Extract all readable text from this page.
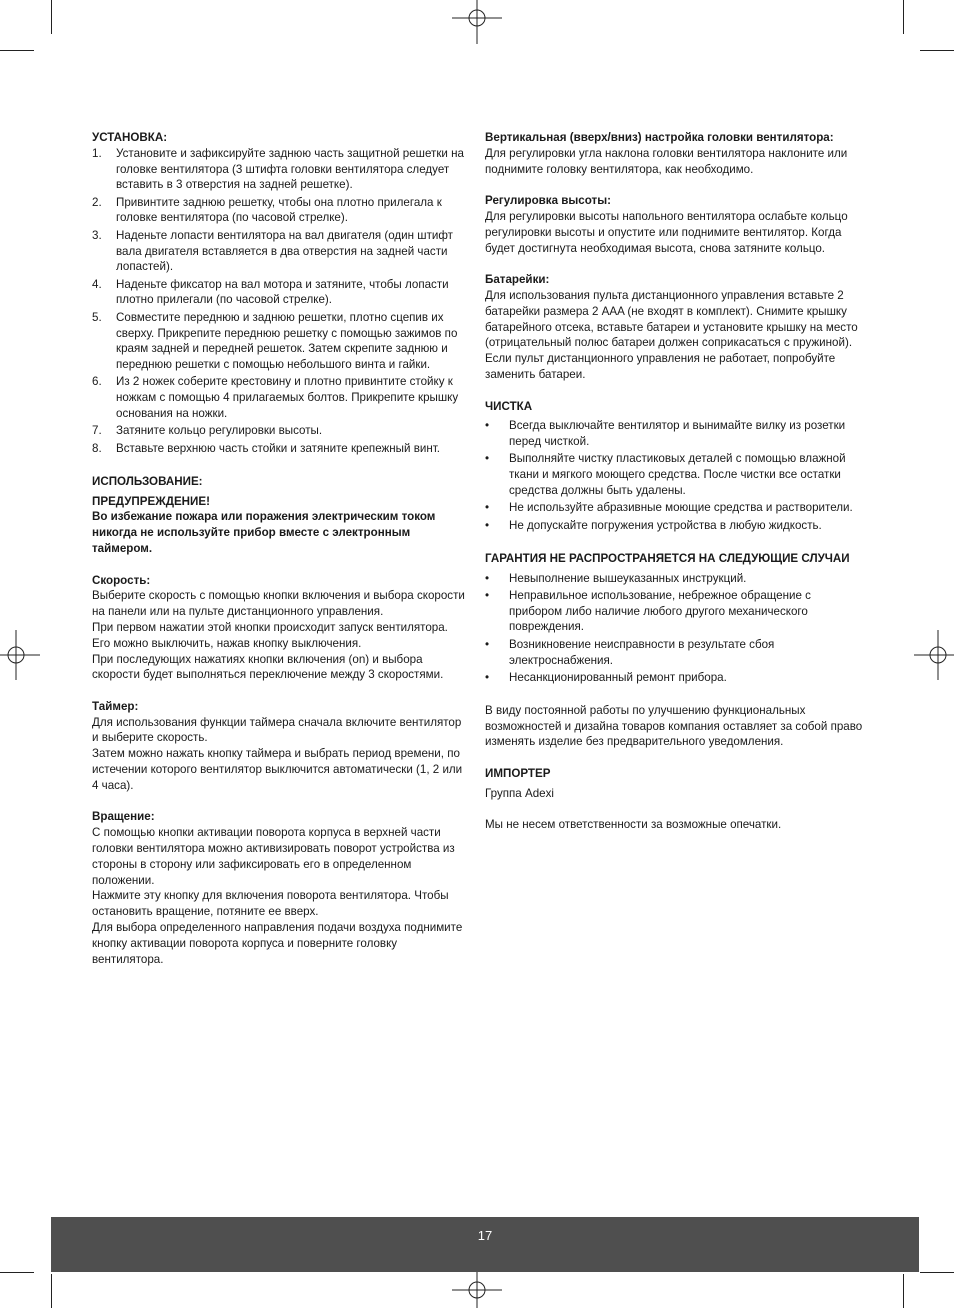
УСТАНОВКА:

1. Установите и зафиксируйте заднюю часть защитной решетки на головке вентилятора (3 штифта головки вентилятора следует вставить в 3 отверстия на задней решетке).
2. Привинтите заднюю решетку, чтобы она плотно прилегала к головке вентилятора (по часовой стрелке).
3. Наденьте лопасти вентилятора на вал двигателя (один штифт вала двигателя вставляется в два отверстия на задней части лопастей).
4. Наденьте фиксатор на вал мотора и затяните, чтобы лопасти плотно прилегали (по часовой стрелке).
5. Совместите переднюю и заднюю решетки, плотно сцепив их сверху. Прикрепите переднюю решетку с помощью зажимов по краям задней и передней решеток. Затем скрепите заднюю и переднюю решетки с помощью небольшого винта и гайки.
6. Из 2 ножек соберите крестовину и плотно привинтите стойку к ножкам с помощью 4 прилагаемых болтов. Прикрепите крышку основания на ножки.
7. Затяните кольцо регулировки высоты.
8. Вставьте верхнюю часть стойки и затяните крепежный винт.

ИСПОЛЬЗОВАНИЕ:

ПРЕДУПРЕЖДЕНИЕ!

Во избежание пожара или поражения электрическим током никогда не используйте прибор вместе с электронным таймером.

Скорость:

Выберите скорость с помощью кнопки включения и выбора скорости на панели или на пульте дистанционного управления.

При первом нажатии этой кнопки происходит запуск вентилятора.

Его можно выключить, нажав кнопку выключения.

При последующих нажатиях кнопки включения (on) и выбора скорости будет выполняться переключение между 3 скоростями.

Таймер:

Для использования функции таймера сначала включите вентилятор и выберите скорость.

Затем можно нажать кнопку таймера и выбрать период времени, по истечении которого вентилятор выключится автоматически (1, 2 или 4 часа).

Вращение:

С помощью кнопки активации поворота корпуса в верхней части головки вентилятора можно активизировать поворот устройства из стороны в сторону или зафиксировать его в определенном положении.

Нажмите эту кнопку для включения поворота вентилятора. Чтобы остановить вращение, потяните ее вверх.

Для выбора определенного направления подачи воздуха поднимите кнопку активации поворота корпуса и поверните головку вентилятора.

Вертикальная (вверх/вниз) настройка головки вентилятора:

Для регулировки угла наклона головки вентилятора наклоните или поднимите головку вентилятора, как необходимо.

Регулировка высоты:

Для регулировки высоты напольного вентилятора ослабьте кольцо регулировки высоты и опустите или поднимите вентилятор. Когда будет достигнута необходимая высота, снова затяните кольцо.

Батарейки:

Для использования пульта дистанционного управления вставьте 2 батарейки размера 2 AAA (не входят в комплект). Снимите крышку батарейного отсека, вставьте батареи и установите крышку на место (отрицательный полюс батареи должен соприкасаться с пружиной).

Если пульт дистанционного управления не работает, попробуйте заменить батареи.

ЧИСТКА

• Всегда выключайте вентилятор и вынимайте вилку из розетки перед чисткой.
• Выполняйте чистку пластиковых деталей с помощью влажной ткани и мягкого моющего средства. После чистки все остатки средства должны быть удалены.
• Не используйте абразивные моющие средства и растворители.
• Не допускайте погружения устройства в любую жидкость.

ГАРАНТИЯ НЕ РАСПРОСТРАНЯЕТСЯ НА СЛЕДУЮЩИЕ СЛУЧАИ

• Невыполнение вышеуказанных инструкций.
• Неправильное использование, небрежное обращение с прибором либо наличие любого другого механического повреждения.
• Возникновение неисправности в результате сбоя электроснабжения.
• Несанкционированный ремонт прибора.

В виду постоянной работы по улучшению функциональных возможностей и дизайна товаров компания оставляет за собой право изменять изделие без предварительного уведомления.

ИМПОРТЕР

Группа Adexi

Мы не несем ответственности за возможные опечатки.

17
